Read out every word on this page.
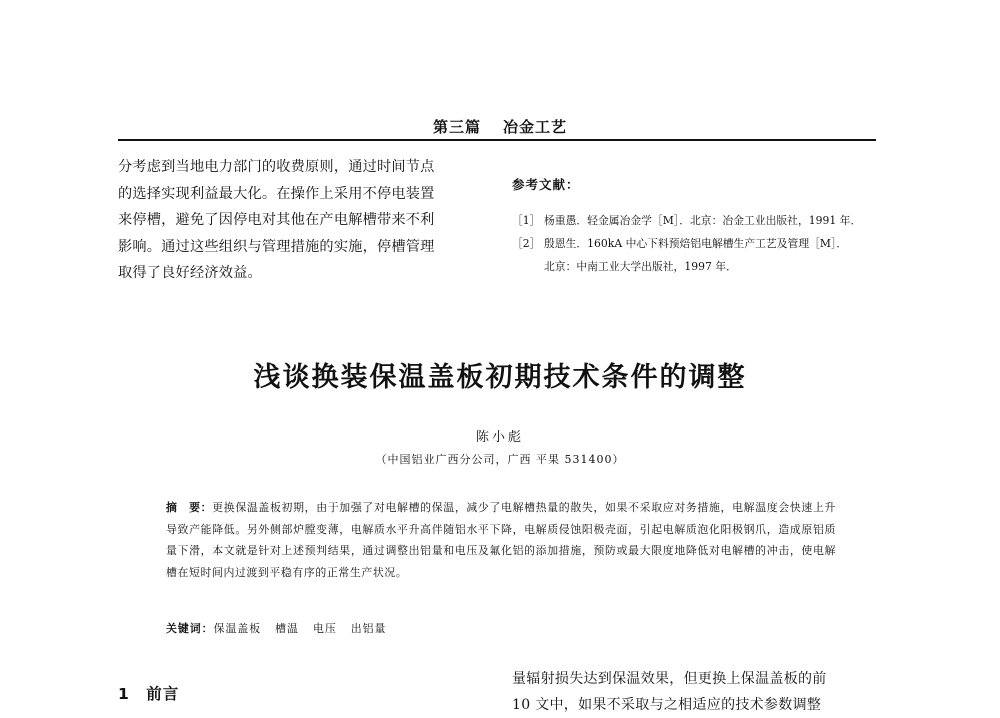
第三篇 冶金工艺

分考虑到当地电力部门的收费原则，通过时间节点

的选择实现利益最大化。在操作上采用不停电装置

来停槽，避免了因停电对其他在产电解槽带来不利

影响。通过这些组织与管理措施的实施，停槽管理

取得了良好经济效益。

参考文献：
［1］ 杨重愚．轻金属冶金学［M］．北京：冶金工业出版社，1991 年．
［2］ 殷恩生．160kA 中心下料预焙铝电解槽生产工艺及管理［M］．
北京：中南工业大学出版社，1997 年．
浅谈换装保温盖板初期技术条件的调整
陈小彪
（中国铝业广西分公司，广西 平果 531400）
摘　要：更换保温盖板初期，由于加强了对电解槽的保温，减少了电解槽热量的散失，如果不采取应对务措施，电解温度会快速上升导致产能降低。另外侧部炉膛变薄，电解质水平升高伴随铝水平下降，电解质侵蚀阳极壳面，引起电解质泡化阳极钢爪，造成原铝质量下滑，本文就是针对上述预判结果，通过调整出铝量和电压及氟化铝的添加措施，预防或最大限度地降低对电解槽的冲击，使电解槽在短时间内过渡到平稳有序的正常生产状况。
关键词：保温盖板 槽温 电压 出铝量
1　前言
量辐射损失达到保温效果，但更换上保温盖板的前
10 文中，如果不采取与之相适应的技术参数调整
